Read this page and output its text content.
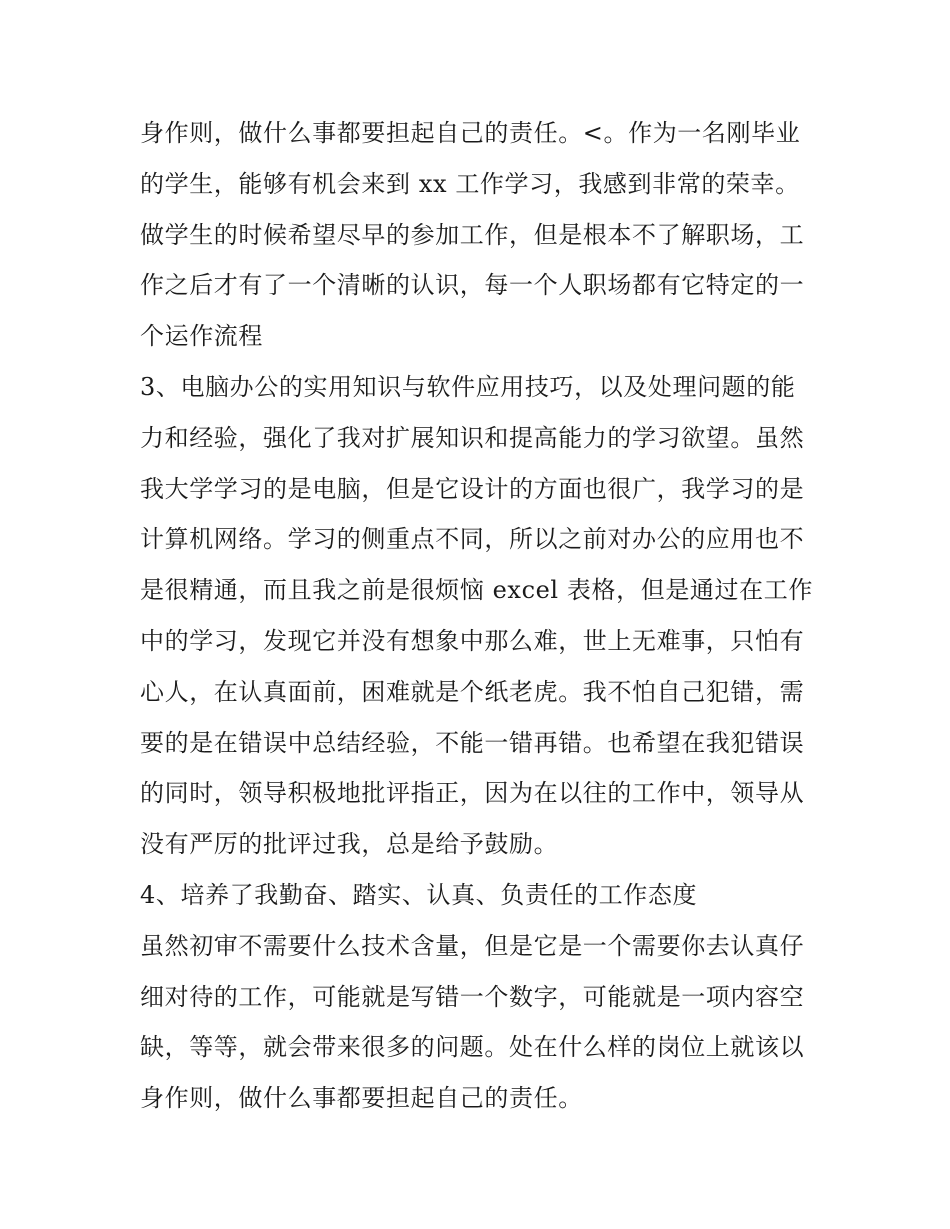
身作则，做什么事都要担起自己的责任。<。作为一名刚毕业
的学生，能够有机会来到 xx 工作学习，我感到非常的荣幸。
做学生的时候希望尽早的参加工作，但是根本不了解职场，工
作之后才有了一个清晰的认识，每一个人职场都有它特定的一
个运作流程
3、电脑办公的实用知识与软件应用技巧，以及处理问题的能
力和经验，强化了我对扩展知识和提高能力的学习欲望。虽然
我大学学习的是电脑，但是它设计的方面也很广，我学习的是
计算机网络。学习的侧重点不同，所以之前对办公的应用也不
是很精通，而且我之前是很烦恼 excel 表格，但是通过在工作
中的学习，发现它并没有想象中那么难，世上无难事，只怕有
心人，在认真面前，困难就是个纸老虎。我不怕自己犯错，需
要的是在错误中总结经验，不能一错再错。也希望在我犯错误
的同时，领导积极地批评指正，因为在以往的工作中，领导从
没有严厉的批评过我，总是给予鼓励。
4、培养了我勤奋、踏实、认真、负责任的工作态度
虽然初审不需要什么技术含量，但是它是一个需要你去认真仔
细对待的工作，可能就是写错一个数字，可能就是一项内容空
缺，等等，就会带来很多的问题。处在什么样的岗位上就该以
身作则，做什么事都要担起自己的责任。
